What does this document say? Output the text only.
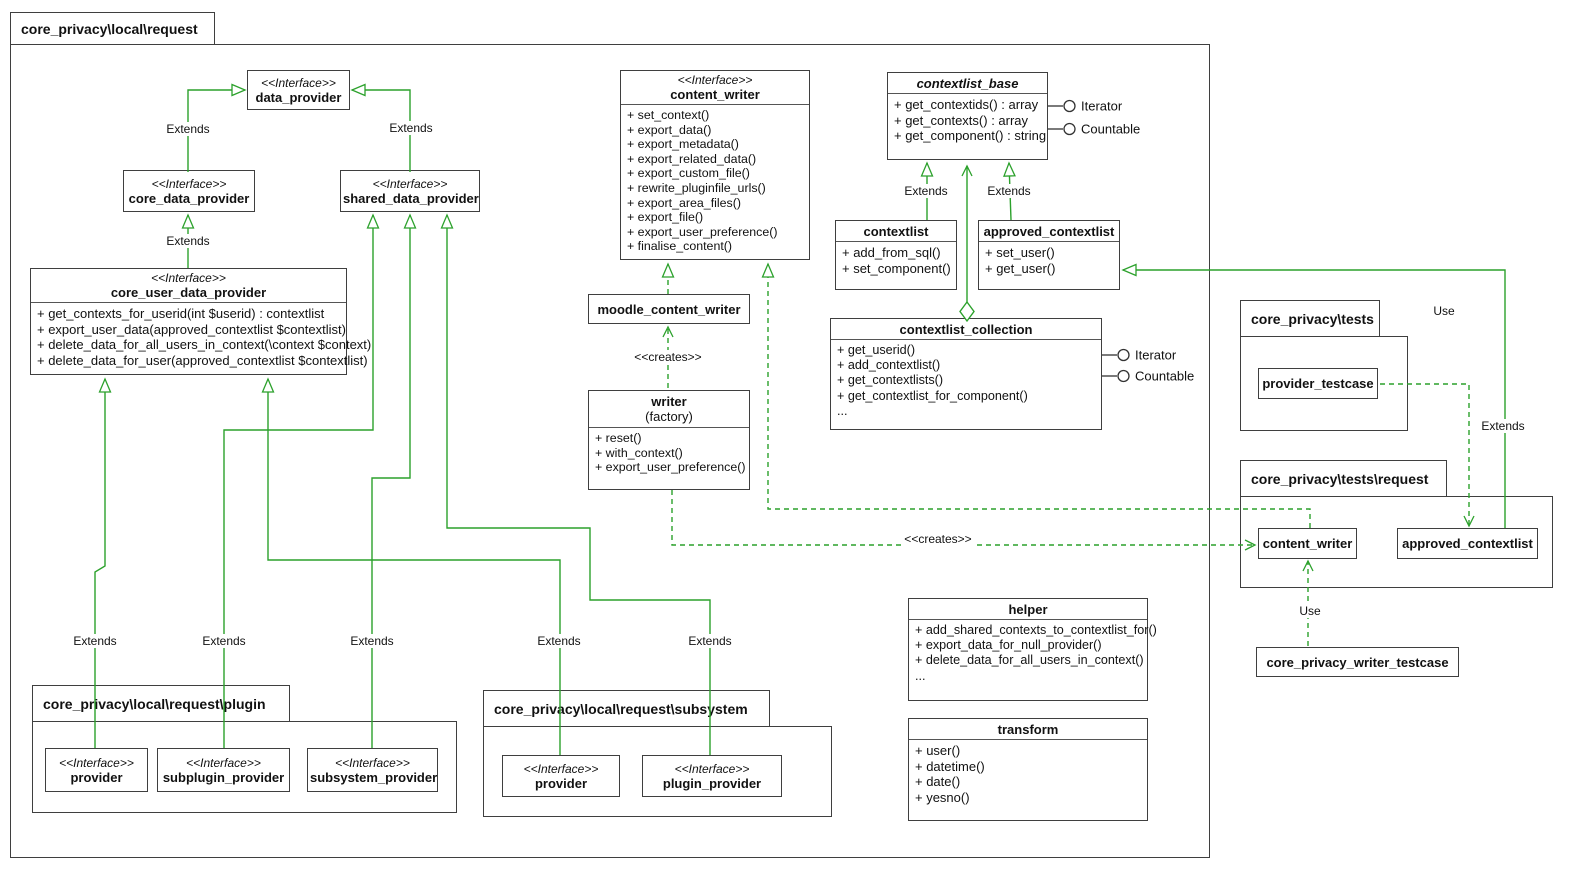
core_privacy\local\request
core_privacy\tests
core_privacy\tests\request
core_privacy\local\request\plugin	core_privacy\local\request\subsystem
<<Interface>>
data_provider
<<Interface>>
core_data_provider
<<Interface>>
shared_data_provider
<<Interface>>
core_user_data_provider
+ get_contexts_for_userid(int $userid) : contextlist
+ export_user_data(approved_contextlist $contextlist)
+ delete_data_for_all_users_in_context(\context $context)
+ delete_data_for_user(approved_contextlist $contextlist)
<<Interface>>
content_writer
+ set_context()
+ export_data()
+ export_metadata()
+ export_related_data()
+ export_custom_file()
+ rewrite_pluginfile_urls()
+ export_area_files()
+ export_file()
+ export_user_preference()
+ finalise_content()
contextlist_base
+ get_contextids() : array
+ get_contexts() : array
+ get_component() : string
contextlist
+ add_from_sql()
+ set_component()
approved_contextlist
+ set_user()
+ get_user()
contextlist_collection
+ get_userid()
+ add_contextlist()
+ get_contextlists()
+ get_contextlist_for_component()
...
moodle_content_writer
writer
(factory)
+ reset()
+ with_context()
+ export_user_preference()
helper
+ add_shared_contexts_to_contextlist_for()
+ export_data_for_null_provider()
+ delete_data_for_all_users_in_context()
...
transform
+ user()
+ datetime()
+ date()
+ yesno()
provider_testcase
content_writer	approved_contextlist
core_privacy_writer_testcase
<<Interface>>
provider
<<Interface>>
subplugin_provider
<<Interface>>
subsystem_provider
<<Interface>>
provider
<<Interface>>
plugin_provider
Extends	Extends
Extends
Extends	Extends
Extends	Extends	Extends	Extends	Extends
Extends
Use
Use
<<creates>>
<<creates>>
Iterator
Countable
Iterator
Countable
